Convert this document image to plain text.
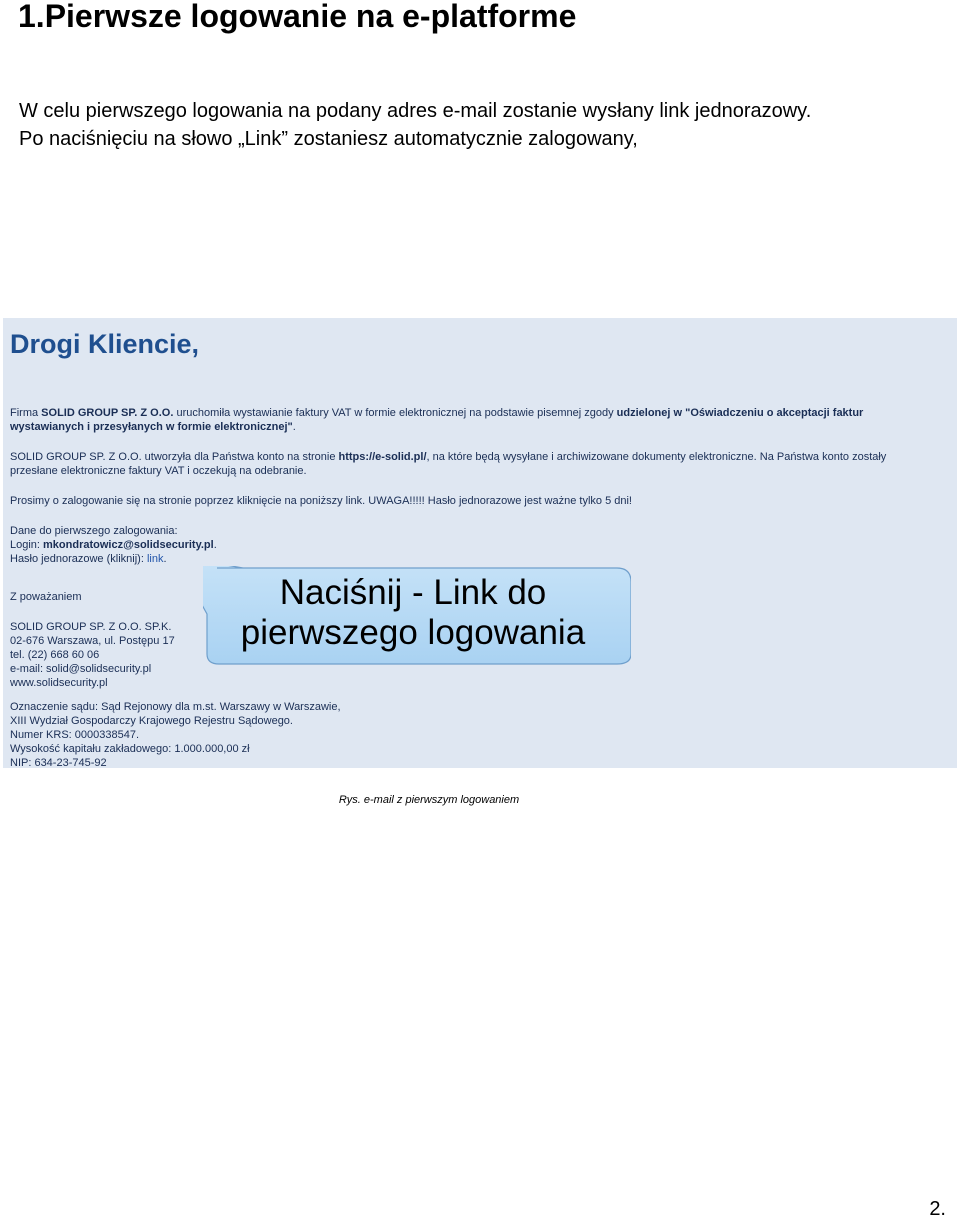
1.Pierwsze logowanie na e-platforme
W celu pierwszego logowania na podany adres e-mail zostanie wysłany link jednorazowy.
Po naciśnięciu na słowo „Link” zostaniesz automatycznie zalogowany,
Drogi Kliencie,

Firma SOLID GROUP SP. Z O.O. uruchomiła wystawianie faktury VAT w formie elektronicznej na podstawie pisemnej zgody udzielonej w "Oświadczeniu o akceptacji faktur wystawianych i przesyłanych w formie elektronicznej".

SOLID GROUP SP. Z O.O. utworzyła dla Państwa konto na stronie https://e-solid.pl/, na które będą wysyłane i archiwizowane dokumenty elektroniczne. Na Państwa konto zostały przesłane elektroniczne faktury VAT i oczekują na odebranie.

Prosimy o zalogowanie się na stronie poprzez kliknięcie na poniższy link. UWAGA!!!!! Hasło jednorazowe jest ważne tylko 5 dni!

Dane do pierwszego zalogowania:
Login: mkondratowicz@solidsecurity.pl.
Hasło jednorazowe (kliknij): link.
Z poważaniem
SOLID GROUP SP. Z O.O. SP.K.
02-676 Warszawa, ul. Postępu 17
tel. (22) 668 60 06
e-mail: solid@solidsecurity.pl
www.solidsecurity.pl
Oznaczenie sądu: Sąd Rejonowy dla m.st. Warszawy w Warszawie,
XIII Wydział Gospodarczy Krajowego Rejestru Sądowego.
Numer KRS: 0000338547.
Wysokość kapitału zakładowego: 1.000.000,00 zł
NIP: 634-23-745-92
Naciśnij - Link do
pierwszego logowania

Rys. e-mail z pierwszym logowaniem

2.
